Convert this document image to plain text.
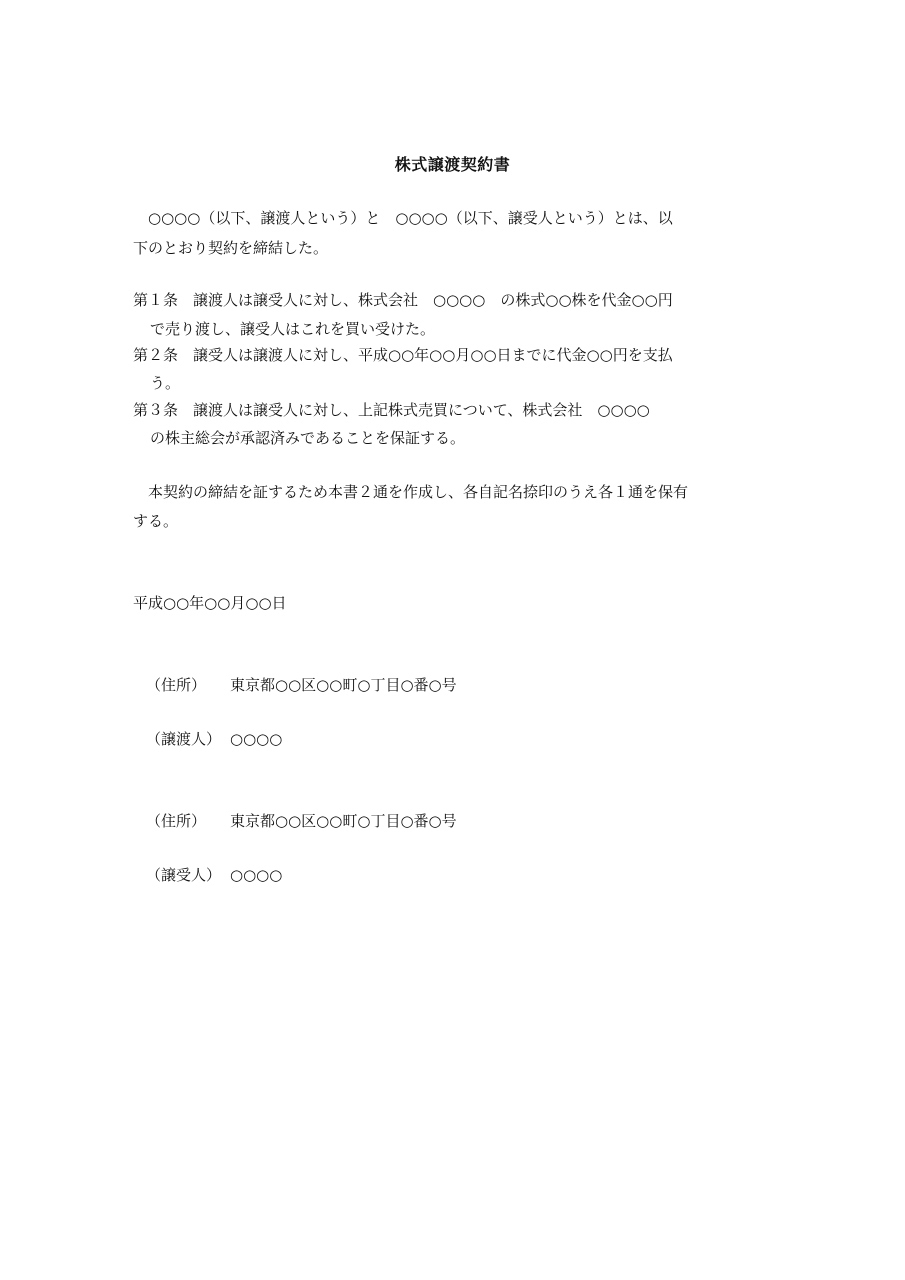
株式譲渡契約書
　○○○○（以下、譲渡人という）と　○○○○（以下、譲受人という）とは、以
下のとおり契約を締結した。
第１条　譲渡人は譲受人に対し、株式会社　○○○○　の株式○○株を代金○○円
で売り渡し、譲受人はこれを買い受けた。
第２条　譲受人は譲渡人に対し、平成○○年○○月○○日までに代金○○円を支払
う。
第３条　譲渡人は譲受人に対し、上記株式売買について、株式会社　○○○○
の株主総会が承認済みであることを保証する。
　本契約の締結を証するため本書２通を作成し、各自記名捺印のうえ各１通を保有
する。
平成○○年○○月○○日
（住所） 東京都○○区○○町○丁目○番○号
（譲渡人） ○○○○
（住所） 東京都○○区○○町○丁目○番○号
（譲受人） ○○○○
